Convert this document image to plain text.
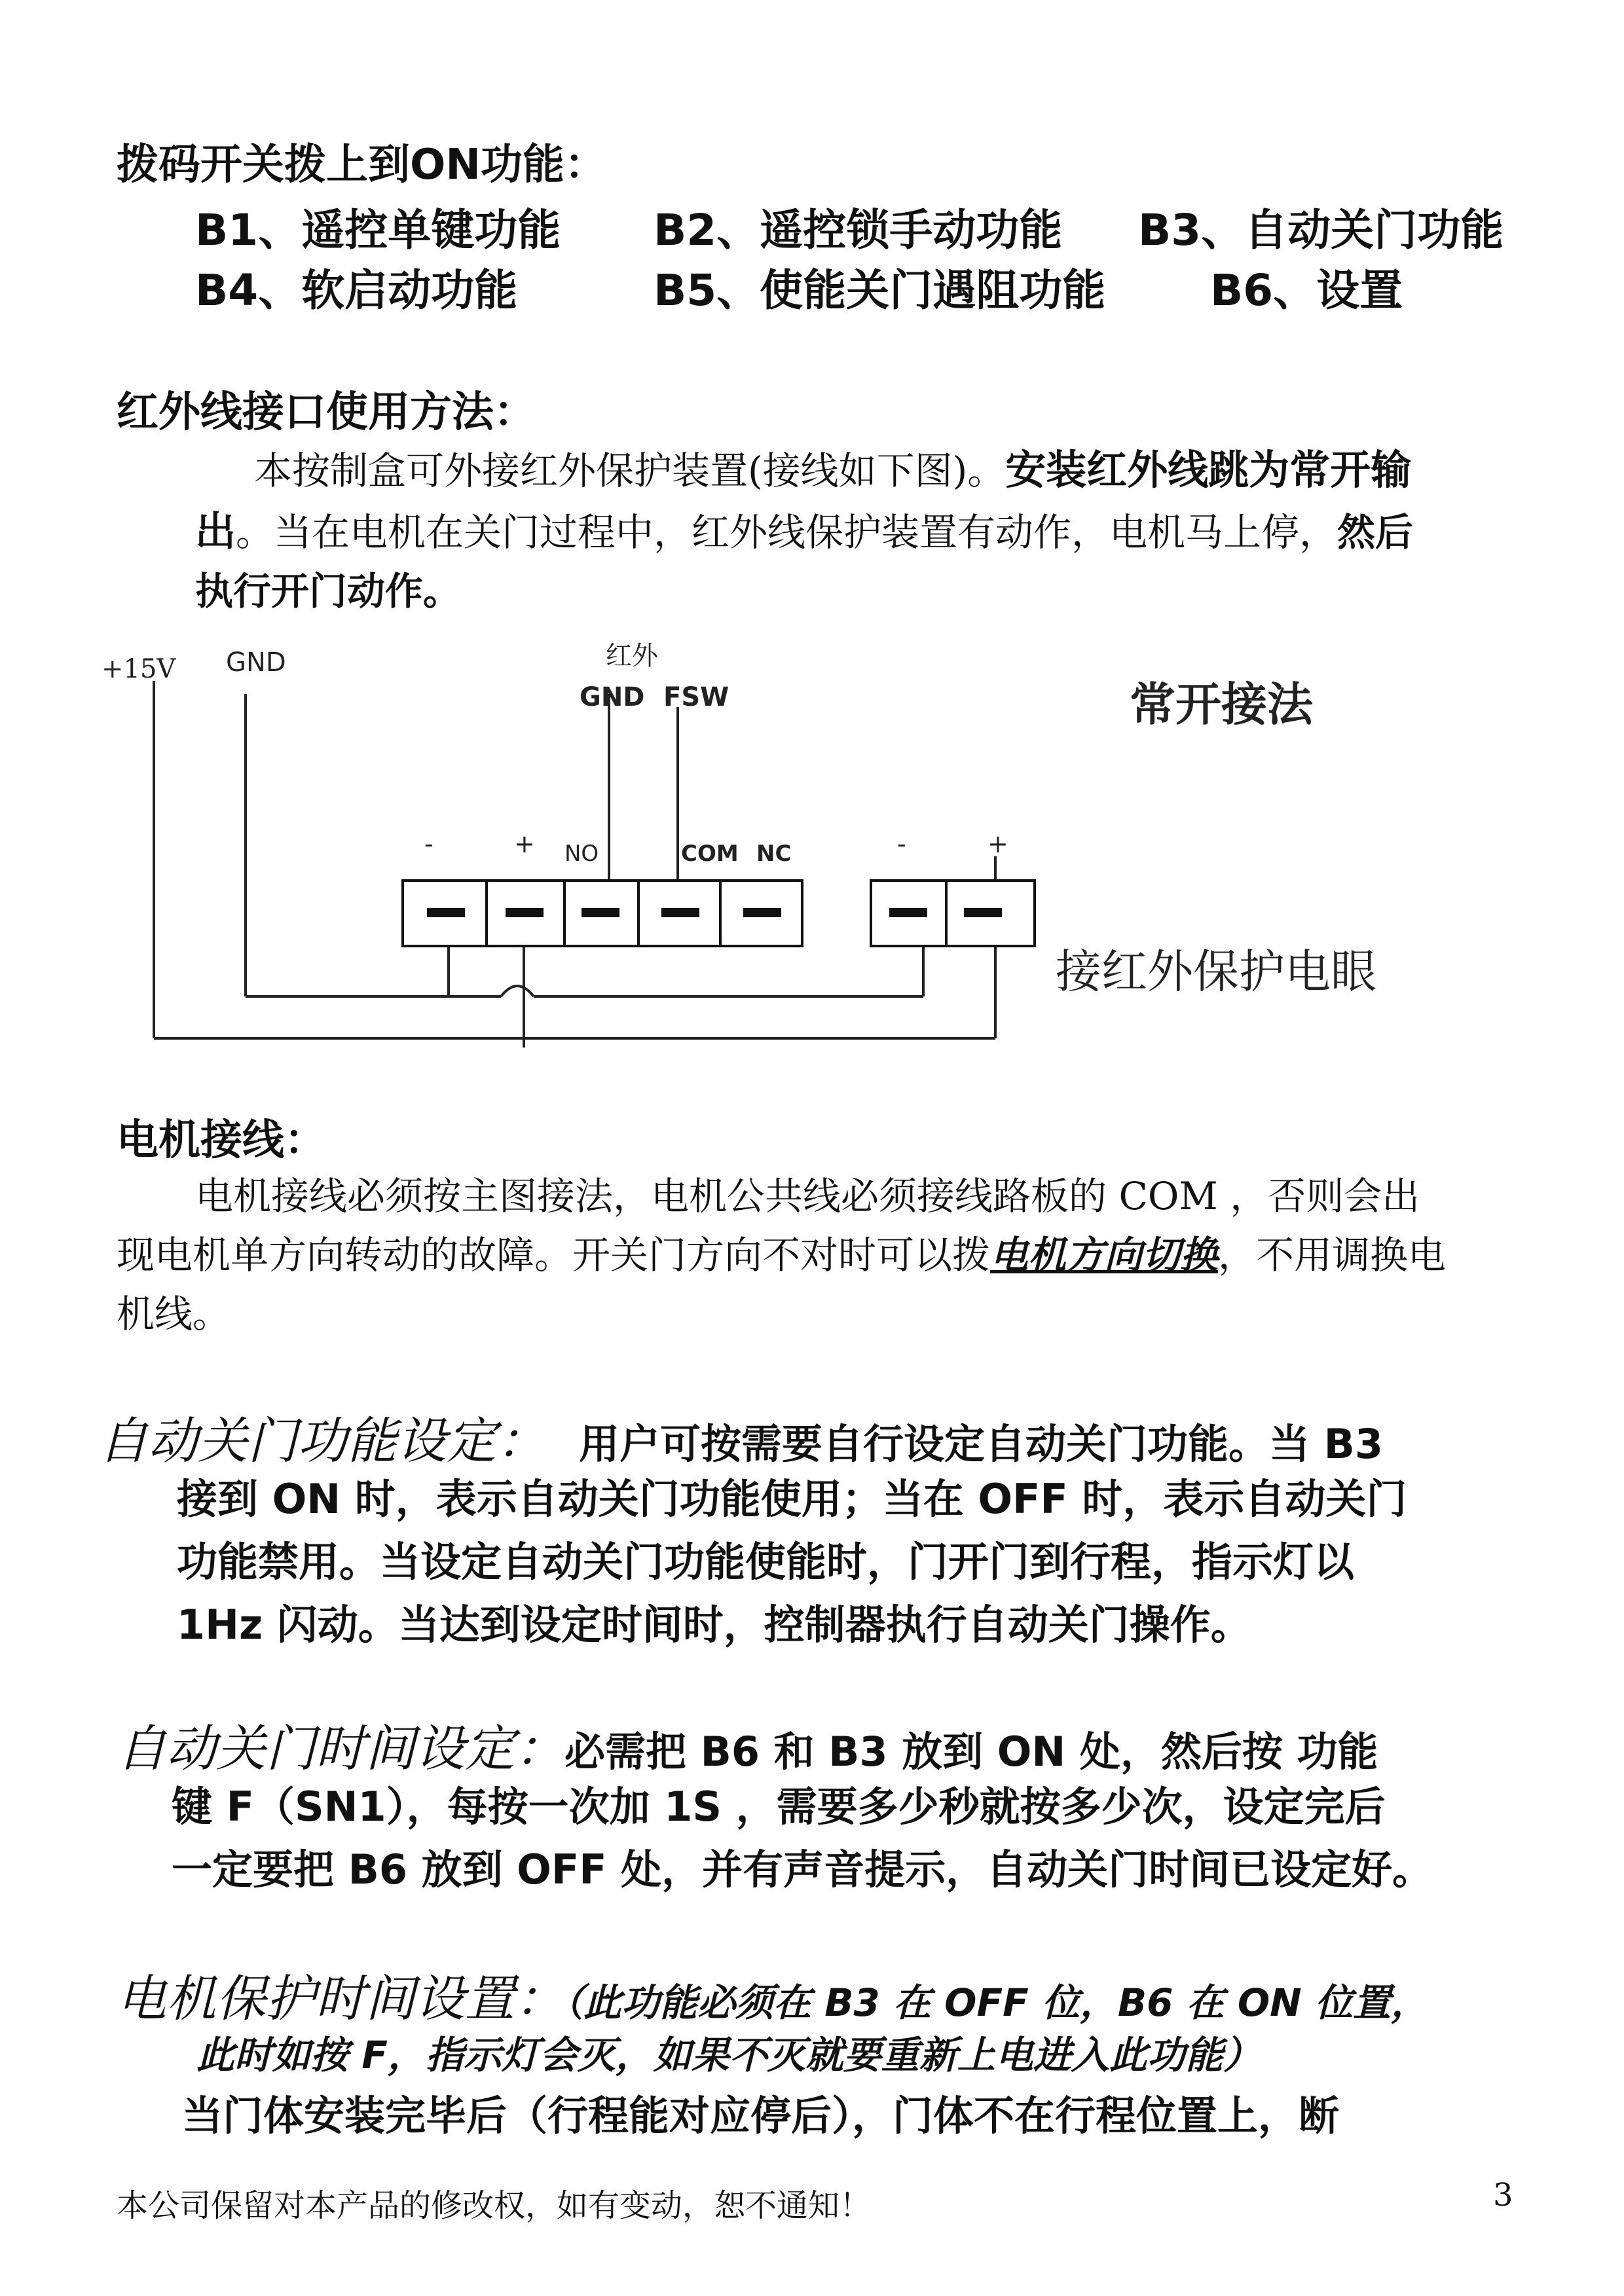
拨码开关拨上到ON功能：
B1、遥控单键功能 B2、遥控锁手动功能 B3、自动关门功能
B4、软启动功能	B5、使能关门遇阻功能 B6、设置
红外线接口使用方法：
本按制盒可外接红外保护装置(接线如下图)。安装红外线跳为常开输
出。当在电机在关门过程中，红外线保护装置有动作，电机马上停，然后
执行开门动作。
+15V GND	红外
GND FSW
-	+ NO	COM NC	-	+
常开接法
接红外保护电眼
电机接线：
电机接线必须按主图接法，电机公共线必须接线路板的 COM ，否则会出
现电机单方向转动的故障。开关门方向不对时可以拨电机方向切换，不用调换电
机线。
自动关门功能设定： 用户可按需要自行设定自动关门功能。当 B3
接到 ON 时，表示自动关门功能使用；当在 OFF 时，表示自动关门
功能禁用。当设定自动关门功能使能时，门开门到行程，指示灯以
1Hz 闪动。当达到设定时间时，控制器执行自动关门操作。
自动关门时间设定：必需把 B6 和 B3 放到 ON 处，然后按 功能
键 F（SN1），每按一次加 1S ，需要多少秒就按多少次，设定完后
一定要把 B6 放到 OFF 处，并有声音提示，自动关门时间已设定好。
电机保护时间设置：（此功能必须在 B3 在 OFF 位，B6 在 ON 位置，
此时如按 F，指示灯会灭，如果不灭就要重新上电进入此功能）
当门体安装完毕后（行程能对应停后），门体不在行程位置上，断
本公司保留对本产品的修改权，如有变动，恕不通知！	3
